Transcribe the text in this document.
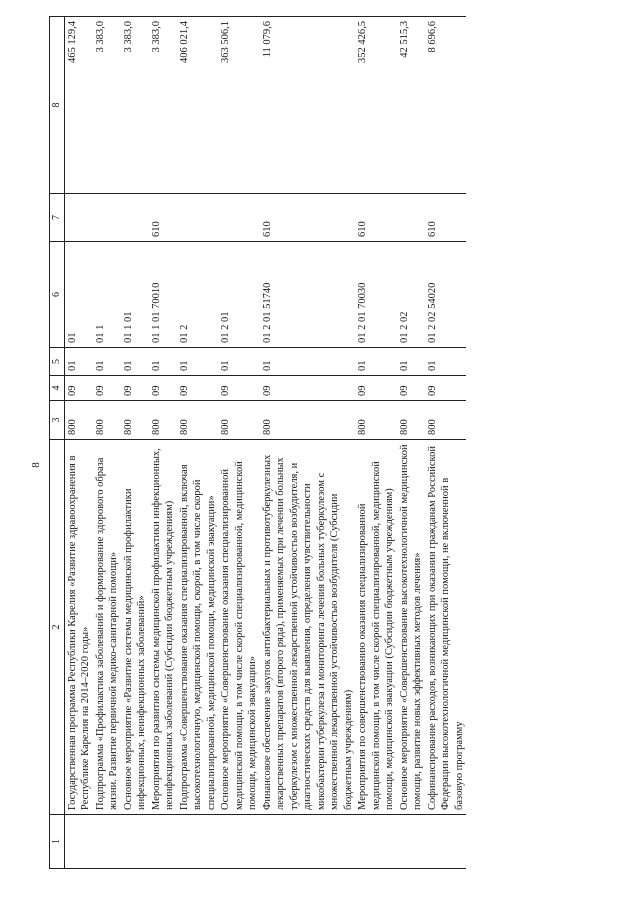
8
1	2	3	4	5	6	7	8
	Государственная программа Республики Карелия «Развитие здравоохранения в Республике Карелия на 2014–2020 годы»	800	09	01	01		465 129,4
	Подпрограмма «Профилактика заболеваний и формирование здорового образа жизни. Развитие первичной медико-санитарной помощи»	800	09	01	01 1		3 383,0
	Основное мероприятие «Развитие системы медицинской профилактики инфекционных, неинфекционных заболеваний»	800	09	01	01 1 01		3 383,0
	Мероприятия по развитию системы медицинской профилактики инфекционных, неинфекционных заболеваний (Субсидии бюджетным учреждениям)	800	09	01	01 1 01 70010	610	3 383,0
	Подпрограмма «Совершенствование оказания специализированной, включая высокотехнологичную, медицинской помощи, скорой, в том числе скорой специализированной, медицинской помощи, медицинской эвакуации»	800	09	01	01 2		406 021,4
	Основное мероприятие «Совершенствование оказания специализированной медицинской помощи, в том числе скорой специализированной, медицинской помощи, медицинской эвакуации»	800	09	01	01 2 01		363 506,1
	Финансовое обеспечение закупок антибактериальных и противотуберкулезных лекарственных препаратов (второго ряда), применяемых при лечении больных туберкулезом с множественной лекарственной устойчивостью возбудителя, и диагностических средств для выявления, определения чувствительности микобактерии туберкулеза и мониторинга лечения больных туберкулезом с множественной лекарственной устойчивостью возбудителя (Субсидии бюджетным учреждениям)	800	09	01	01 2 01 51740	610	11 079,6
	Мероприятия по совершенствованию оказания специализированной медицинской помощи, в том числе скорой специализированной, медицинской помощи, медицинской эвакуации (Субсидии бюджетным учреждениям)	800	09	01	01 2 01 70030	610	352 426,5
	Основное мероприятие «Совершенствование высокотехнологичной медицинской помощи, развитие новых эффективных методов лечения»	800	09	01	01 2 02		42 515,3
	Софинансирование расходов, возникающих при оказании гражданам Российской Федерации высокотехнологичной медицинской помощи, не включенной в базовую программу	800	09	01	01 2 02 54020	610	8 696,6
